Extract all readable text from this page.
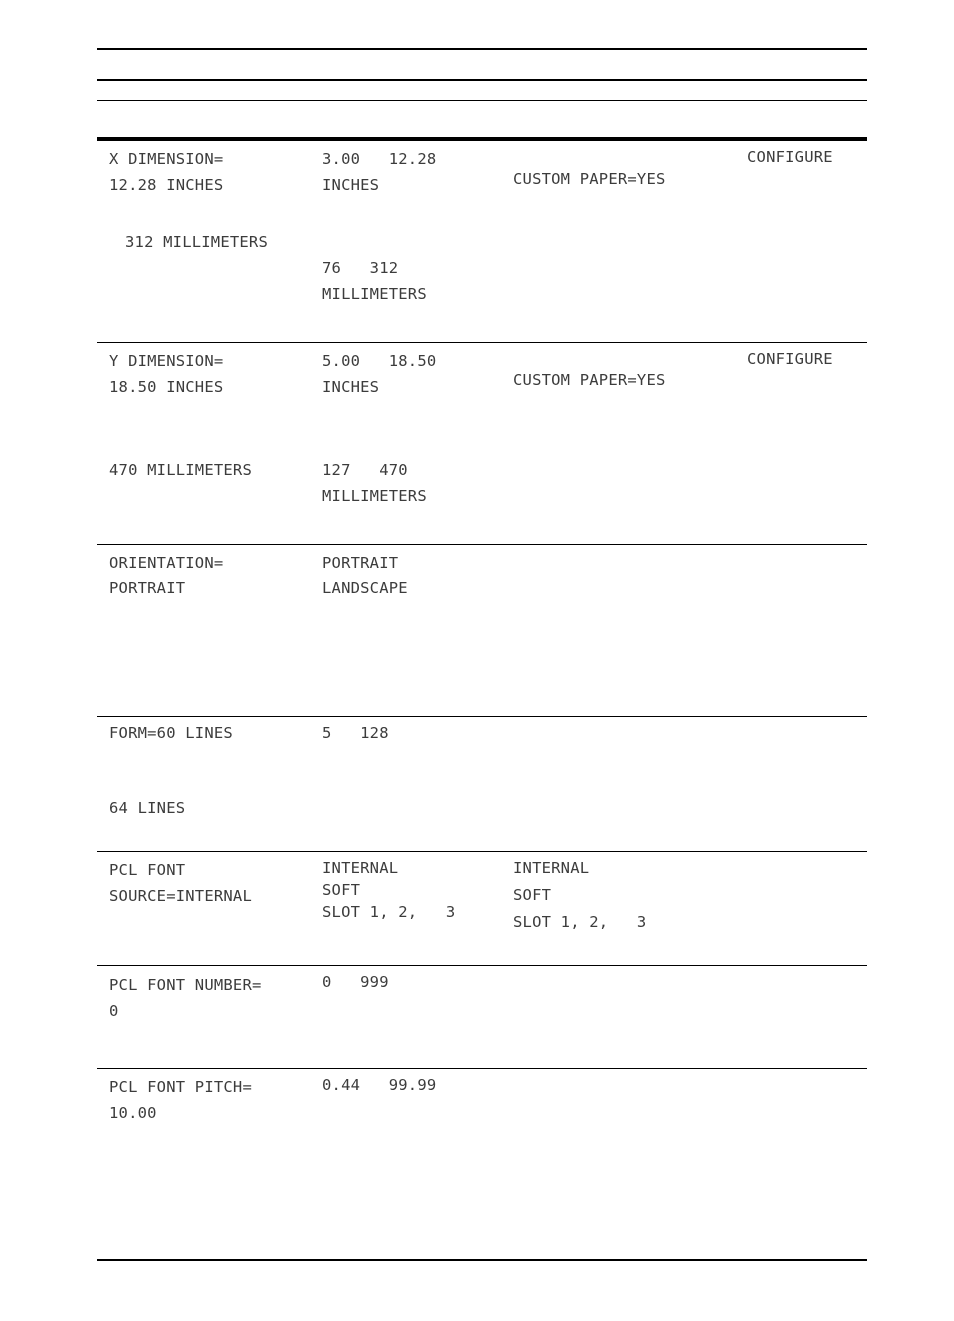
X DIMENSION=
12.28 INCHES
312 MILLIMETERS
3.00   12.28
INCHES
76   312
MILLIMETERS
CUSTOM PAPER=YES
CONFIGURE
Y DIMENSION=
18.50 INCHES
470 MILLIMETERS
5.00   18.50
INCHES
127   470
MILLIMETERS
CUSTOM PAPER=YES
CONFIGURE
ORIENTATION=
PORTRAIT
PORTRAIT
LANDSCAPE
FORM=60 LINES
64 LINES
5   128
PCL FONT
SOURCE=INTERNAL
INTERNAL
SOFT
SLOT 1, 2,   3
INTERNAL
SOFT
SLOT 1, 2,   3
PCL FONT NUMBER=
0
0   999
PCL FONT PITCH=
10.00
0.44   99.99
